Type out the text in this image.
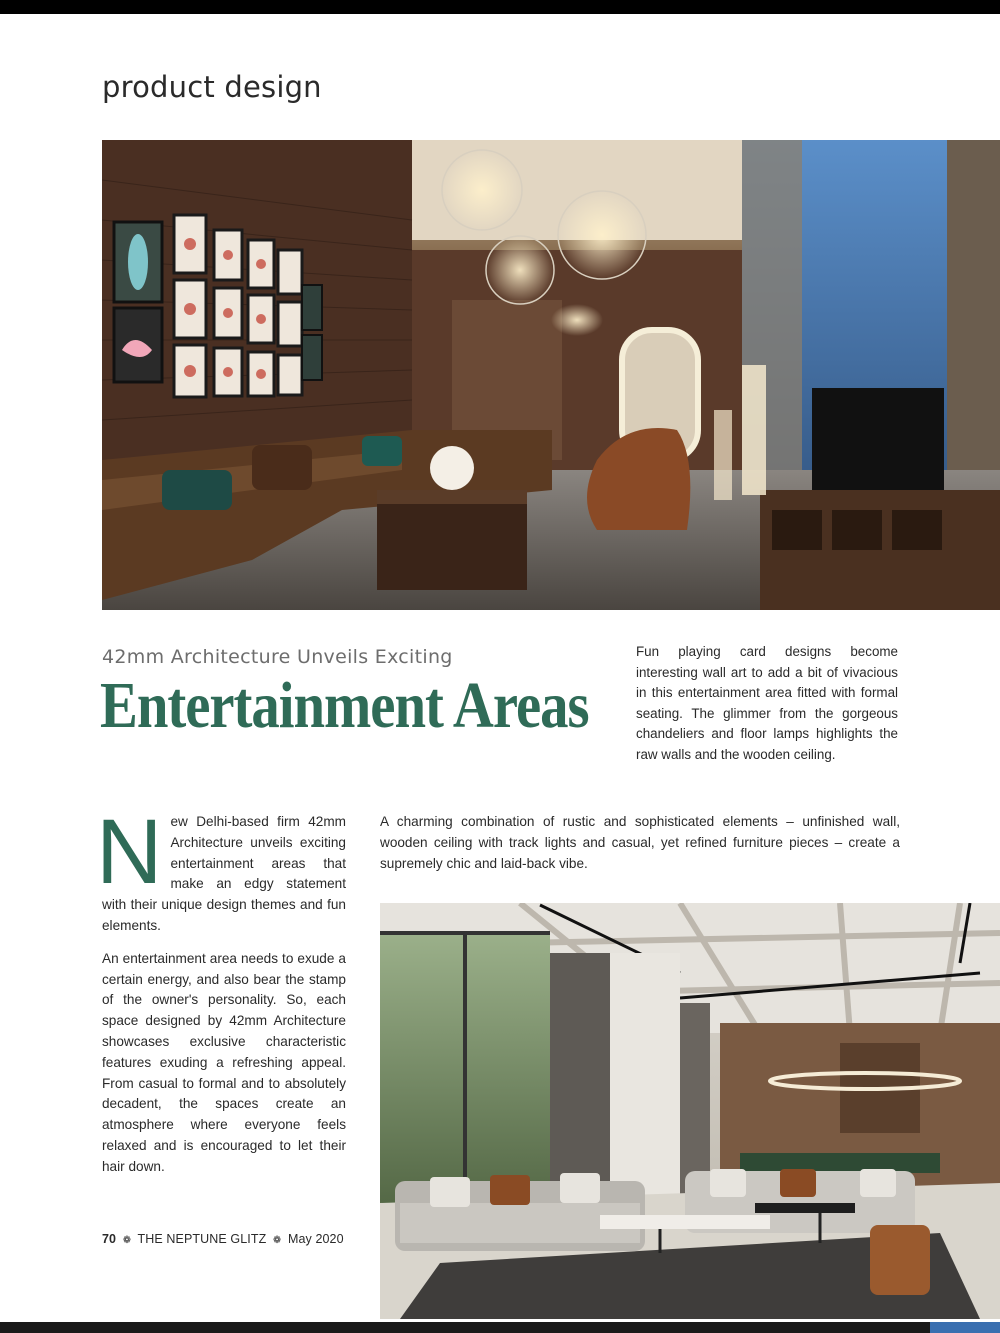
product design
42mm Architecture Unveils Exciting
Entertainment Areas
Fun playing card designs become interesting wall art to add a bit of vivacious in this entertainment area fitted with formal seating. The glimmer from the gorgeous chandeliers and floor lamps highlights the raw walls and the wooden ceiling.

New Delhi-based firm 42mm Architecture unveils exciting entertainment areas that make an edgy statement with their unique design themes and fun elements.

An entertainment area needs to exude a certain energy, and also bear the stamp of the owner's personality. So, each space designed by 42mm Architecture showcases exclusive characteristic features exuding a refreshing appeal. From casual to formal and to absolutely decadent, the spaces create an atmosphere where everyone feels relaxed and is encouraged to let their hair down.

A charming combination of rustic and sophisticated elements – unfinished wall, wooden ceiling with track lights and casual, yet refined furniture pieces – create a supremely chic and laid-back vibe.
70 ❁ THE NEPTUNE GLITZ ❁ May 2020
